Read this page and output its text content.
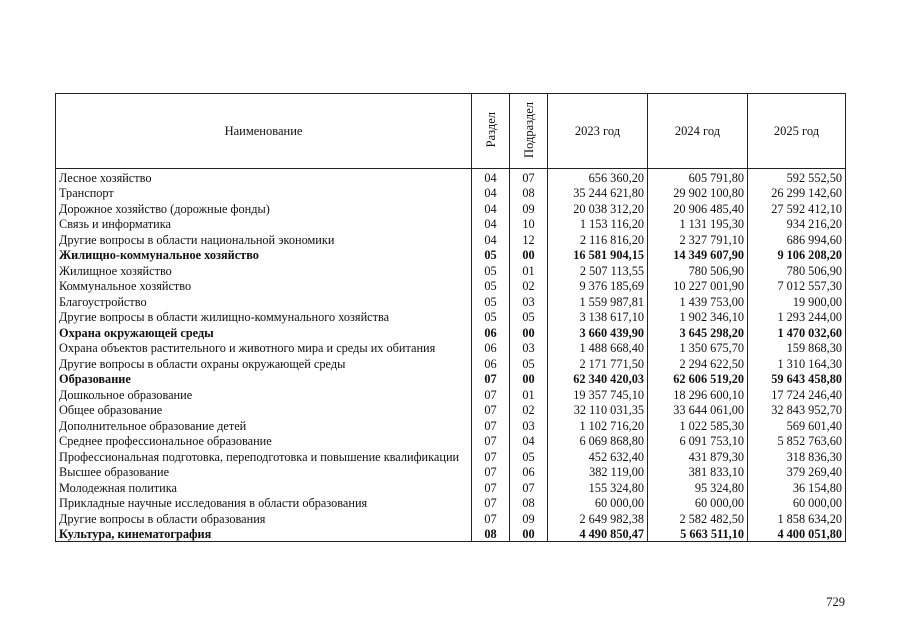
Наименование	Раздел	Подраздел	2023 год	2024 год	2025 год
Лесное хозяйство	04	07	656 360,20	605 791,80	592 552,50
Транспорт	04	08	35 244 621,80	29 902 100,80	26 299 142,60
Дорожное хозяйство (дорожные фонды)	04	09	20 038 312,20	20 906 485,40	27 592 412,10
Связь и информатика	04	10	1 153 116,20	1 131 195,30	934 216,20
Другие вопросы в области национальной экономики	04	12	2 116 816,20	2 327 791,10	686 994,60
Жилищно-коммунальное хозяйство	05	00	16 581 904,15	14 349 607,90	9 106 208,20
Жилищное хозяйство	05	01	2 507 113,55	780 506,90	780 506,90
Коммунальное хозяйство	05	02	9 376 185,69	10 227 001,90	7 012 557,30
Благоустройство	05	03	1 559 987,81	1 439 753,00	19 900,00
Другие вопросы в области жилищно-коммунального хозяйства	05	05	3 138 617,10	1 902 346,10	1 293 244,00
Охрана окружающей среды	06	00	3 660 439,90	3 645 298,20	1 470 032,60
Охрана объектов растительного и животного мира и среды их обитания	06	03	1 488 668,40	1 350 675,70	159 868,30
Другие вопросы в области охраны окружающей среды	06	05	2 171 771,50	2 294 622,50	1 310 164,30
Образование	07	00	62 340 420,03	62 606 519,20	59 643 458,80
Дошкольное образование	07	01	19 357 745,10	18 296 600,10	17 724 246,40
Общее образование	07	02	32 110 031,35	33 644 061,00	32 843 952,70
Дополнительное образование детей	07	03	1 102 716,20	1 022 585,30	569 601,40
Среднее профессиональное образование	07	04	6 069 868,80	6 091 753,10	5 852 763,60
Профессиональная подготовка, переподготовка и повышение квалификации	07	05	452 632,40	431 879,30	318 836,30
Высшее образование	07	06	382 119,00	381 833,10	379 269,40
Молодежная политика	07	07	155 324,80	95 324,80	36 154,80
Прикладные научные исследования в области образования	07	08	60 000,00	60 000,00	60 000,00
Другие вопросы в области образования	07	09	2 649 982,38	2 582 482,50	1 858 634,20
Культура, кинематография	08	00	4 490 850,47	5 663 511,10	4 400 051,80
729
